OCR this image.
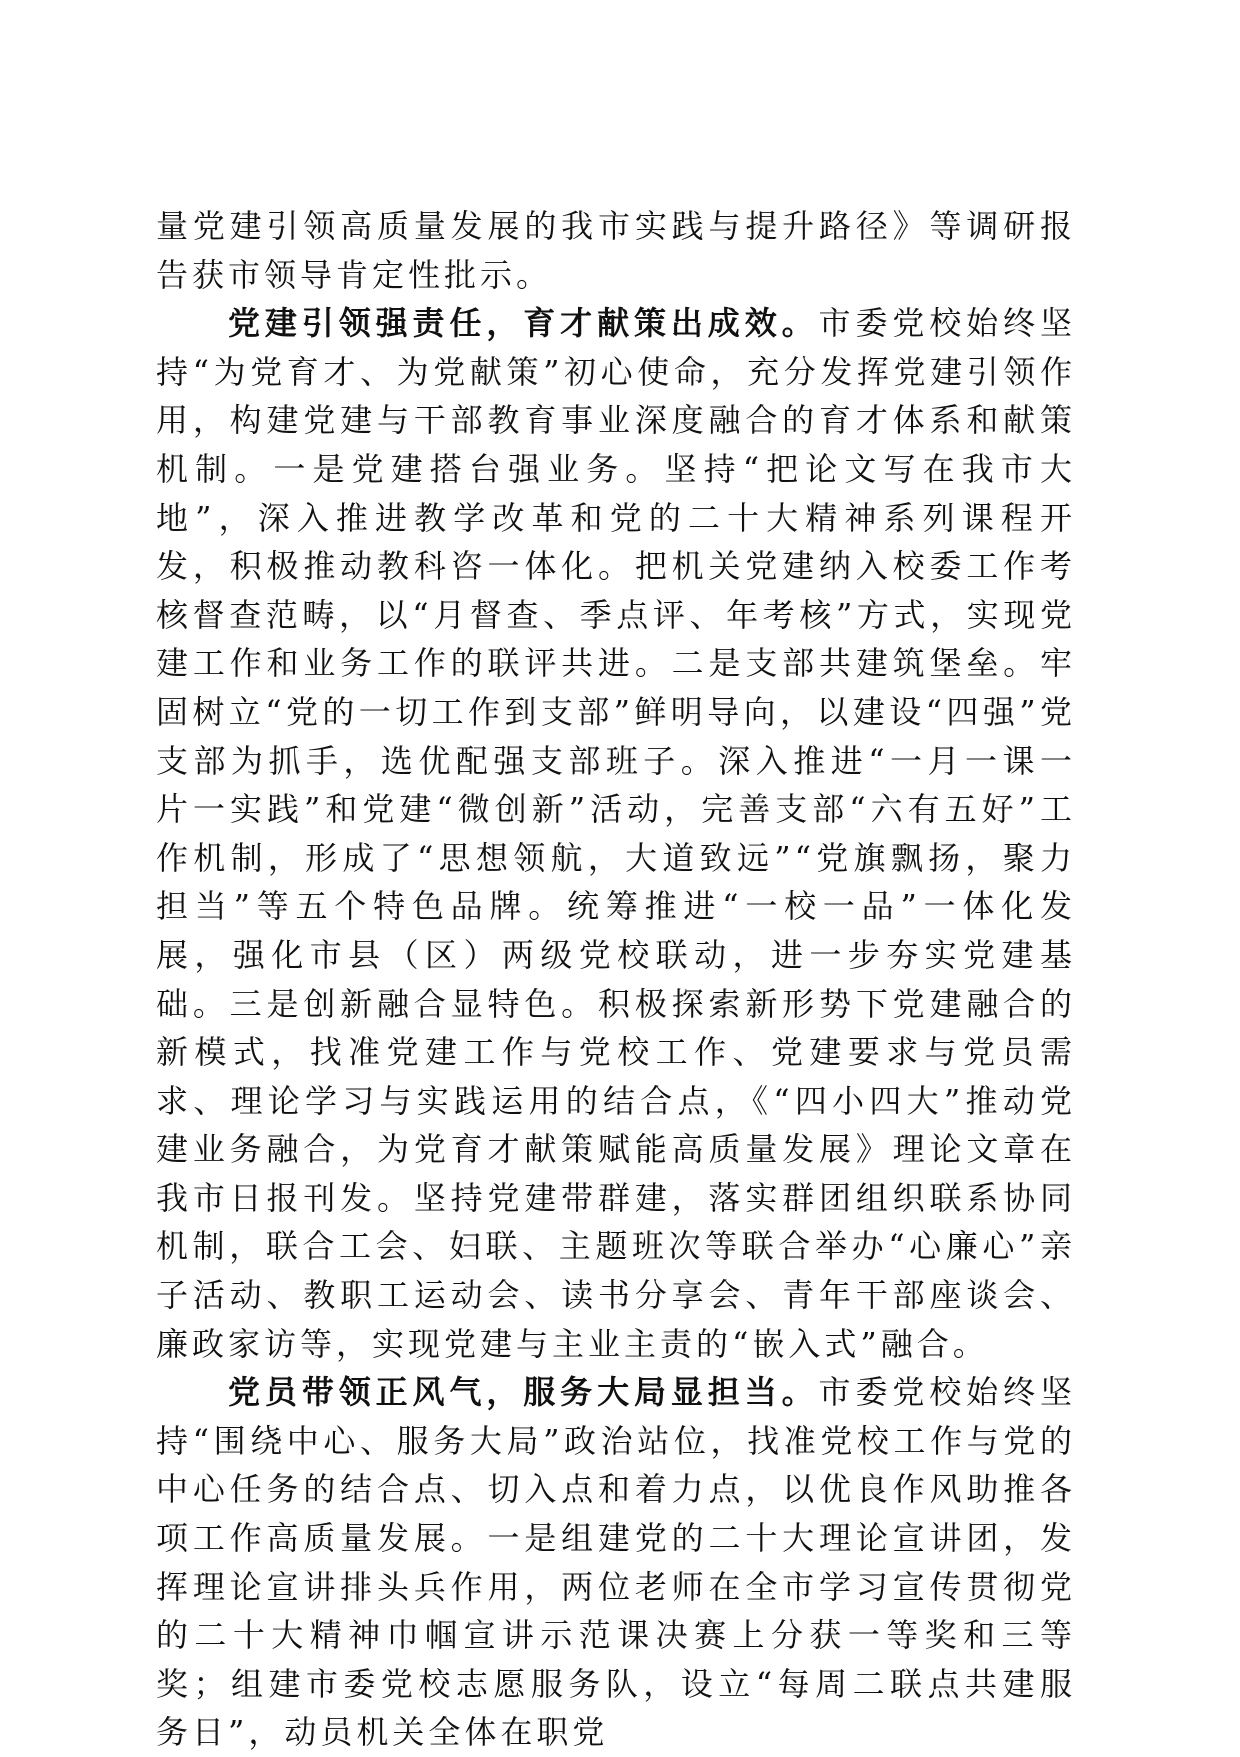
量党建引领高质量发展的我市实践与提升路径》等调研报告获市领导肯定性批示。

党建引领强责任，育才献策出成效。市委党校始终坚持“为党育才、为党献策”初心使命，充分发挥党建引领作用，构建党建与干部教育事业深度融合的育才体系和献策机制。一是党建搭台强业务。坚持“把论文写在我市大地”，深入推进教学改革和党的二十大精神系列课程开发，积极推动教科咨一体化。把机关党建纳入校委工作考核督查范畴，以“月督查、季点评、年考核”方式，实现党建工作和业务工作的联评共进。二是支部共建筑堡垒。牢固树立“党的一切工作到支部”鲜明导向，以建设“四强”党支部为抓手，选优配强支部班子。深入推进“一月一课一片一实践”和党建“微创新”活动，完善支部“六有五好”工作机制，形成了“思想领航，大道致远”“党旗飘扬，聚力担当”等五个特色品牌。统筹推进“一校一品”一体化发展，强化市县（区）两级党校联动，进一步夯实党建基础。三是创新融合显特色。积极探索新形势下党建融合的新模式，找准党建工作与党校工作、党建要求与党员需求、理论学习与实践运用的结合点，《“四小四大”推动党建业务融合，为党育才献策赋能高质量发展》理论文章在我市日报刊发。坚持党建带群建，落实群团组织联系协同机制，联合工会、妇联、主题班次等联合举办“心廉心”亲子活动、教职工运动会、读书分享会、青年干部座谈会、廉政家访等，实现党建与主业主责的“嵌入式”融合。

党员带领正风气，服务大局显担当。市委党校始终坚持“围绕中心、服务大局”政治站位，找准党校工作与党的中心任务的结合点、切入点和着力点，以优良作风助推各项工作高质量发展。一是组建党的二十大理论宣讲团，发挥理论宣讲排头兵作用，两位老师在全市学习宣传贯彻党的二十大精神巾帼宣讲示范课决赛上分获一等奖和三等奖；组建市委党校志愿服务队，设立“每周二联点共建服务日”，动员机关全体在职党
